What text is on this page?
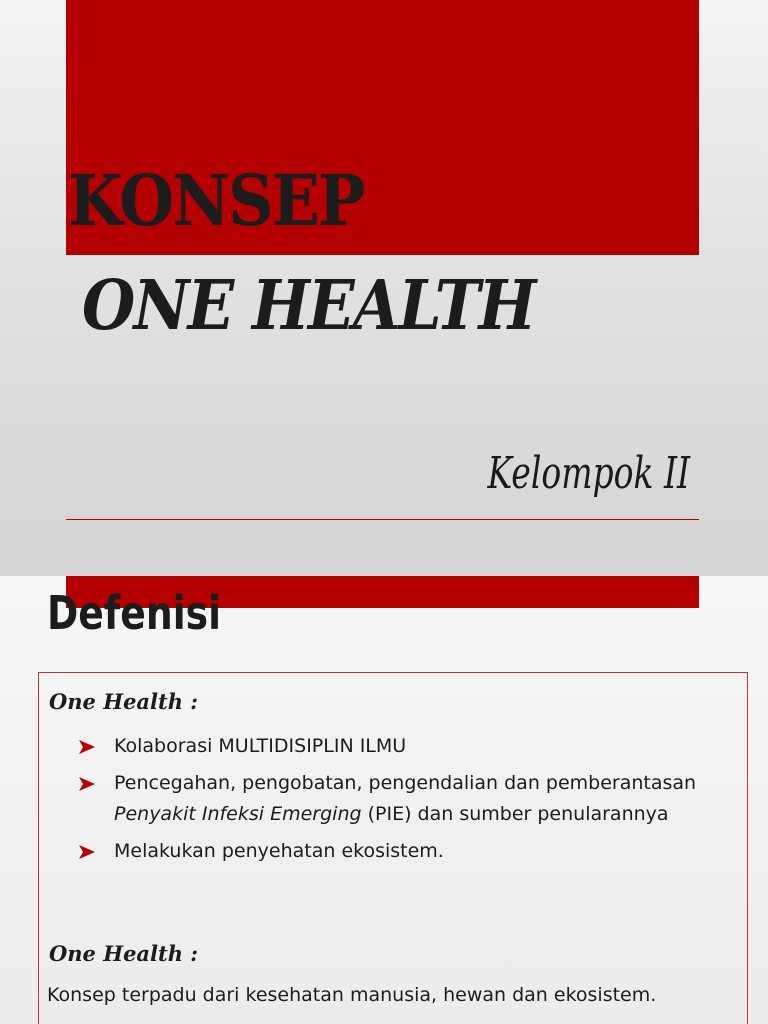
KONSEP
ONE HEALTH
Kelompok II
Defenisi
One Health :
Kolaborasi MULTIDISIPLIN ILMU
Pencegahan, pengobatan, pengendalian dan pemberantasan Penyakit Infeksi Emerging (PIE) dan sumber penularannya
Melakukan penyehatan ekosistem.
One Health :

Konsep terpadu dari kesehatan manusia, hewan dan ekosistem.
